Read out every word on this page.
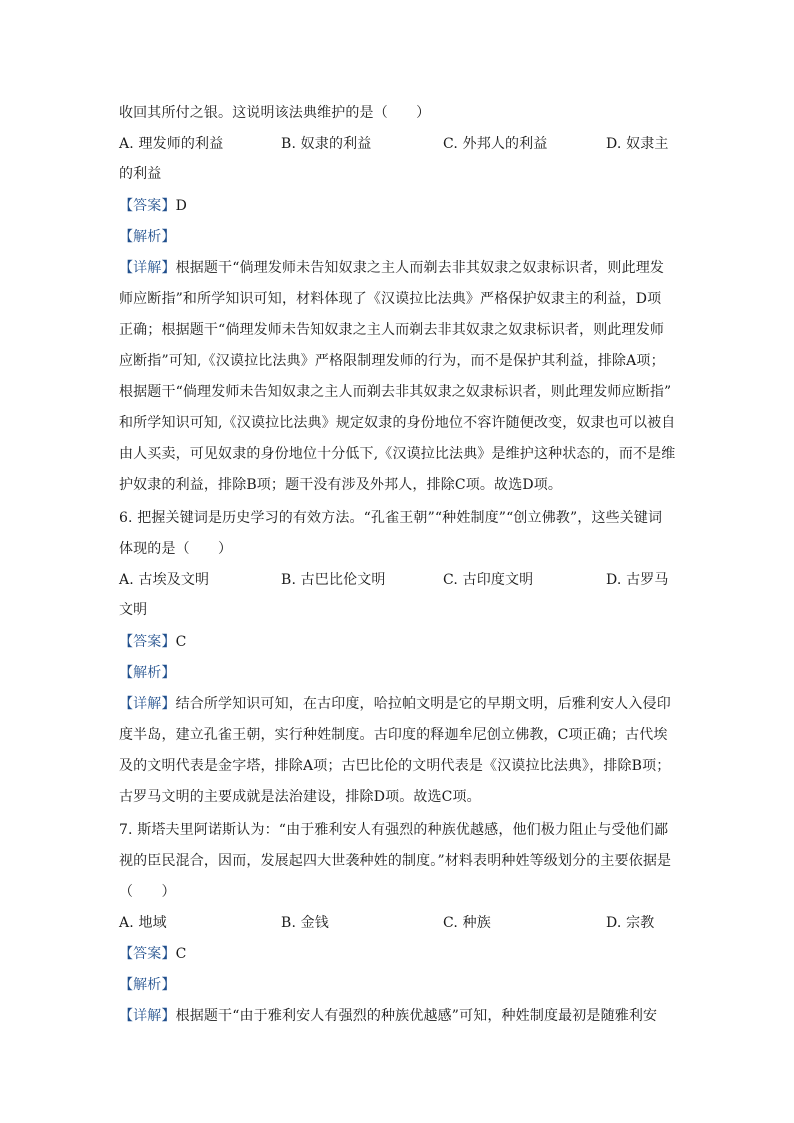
收回其所付之银。这说明该法典维护的是（　　）
A. 理发师的利益	B. 奴隶的利益	C. 外邦人的利益	D. 奴隶主
的利益
【答案】D
【解析】
【详解】根据题干“倘理发师未告知奴隶之主人而剃去非其奴隶之奴隶标识者，则此理发
师应断指”和所学知识可知，材料体现了《汉谟拉比法典》严格保护奴隶主的利益，D项
正确；根据题干“倘理发师未告知奴隶之主人而剃去非其奴隶之奴隶标识者，则此理发师
应断指”可知,《汉谟拉比法典》严格限制理发师的行为，而不是保护其利益，排除A项；
根据题干“倘理发师未告知奴隶之主人而剃去非其奴隶之奴隶标识者，则此理发师应断指”
和所学知识可知,《汉谟拉比法典》规定奴隶的身份地位不容许随便改变，奴隶也可以被自
由人买卖，可见奴隶的身份地位十分低下,《汉谟拉比法典》是维护这种状态的，而不是维
护奴隶的利益，排除B项；题干没有涉及外邦人，排除C项。故选D项。
6. 把握关键词是历史学习的有效方法。“孔雀王朝”“种姓制度”“创立佛教”，这些关键词
体现的是（　　）
A. 古埃及文明	B. 古巴比伦文明	C. 古印度文明	D. 古罗马
文明
【答案】C
【解析】
【详解】结合所学知识可知，在古印度，哈拉帕文明是它的早期文明，后雅利安人入侵印
度半岛，建立孔雀王朝，实行种姓制度。古印度的释迦牟尼创立佛教，C项正确；古代埃
及的文明代表是金字塔，排除A项；古巴比伦的文明代表是《汉谟拉比法典》，排除B项；
古罗马文明的主要成就是法治建设，排除D项。故选C项。
7. 斯塔夫里阿诺斯认为：“由于雅利安人有强烈的种族优越感，他们极力阻止与受他们鄙
视的臣民混合，因而，发展起四大世袭种姓的制度。”材料表明种姓等级划分的主要依据是
（　　）
A. 地域	B. 金钱	C. 种族	D. 宗教
【答案】C
【解析】
【详解】根据题干“由于雅利安人有强烈的种族优越感”可知，种姓制度最初是随雅利安
